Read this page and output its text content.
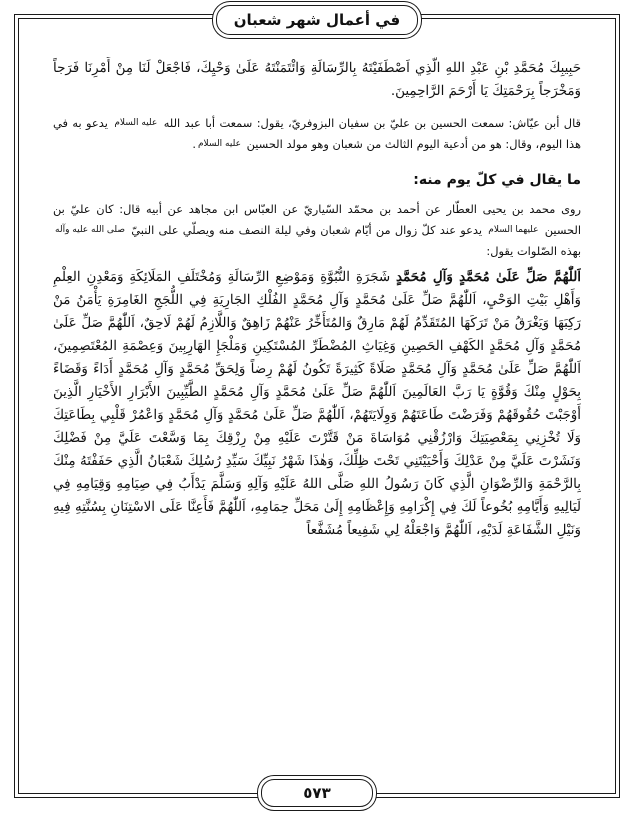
في أعمال شهر شعبان

حَبِيبِكَ مُحَمَّدِ بْنِ عَبْدِ اللهِ الَّذِي اَصْطَفَيْتَهُ بِالرِّسَالَةِ وَائْتَمَنْتَهُ عَلَىٰ وَحْيِكَ، فَاجْعَلْ لَنَا مِنْ أَمْرِنَا فَرَجاً وَمَخْرَجاً بِرَحْمَتِكَ يَا أَرْحَمَ الرَّاحِمِينَ.

قال أبن عيّاش: سمعت الحسين بن عليّ بن سفيان البزوفريّ، يقول: سمعت أبا عبد الله عليه السلام يدعو به في هذا اليوم، وقال: هو من أدعية اليوم الثالث من شعبان وهو مولد الحسين عليه السلام.

ما يقال في كلّ يوم منه:

روى محمد بن يحيى العطّار عن أحمد بن محمّد السّياريّ عن العبّاس ابن مجاهد عن أبيه قال: كان عليّ بن الحسين عليهما السلام يدعو عند كلّ زوال من أيّام شعبان وفي ليلة النصف منه ويصلّي على النبيّ صلى الله عليه وآله بهذه الصّلوات يقول:

اَللّٰهُمَّ صَلِّ عَلَىٰ مُحَمَّدٍ وَآلِ مُحَمَّدٍ شَجَرَةِ النُّبُوَّةِ وَمَوْضِعِ الرِّسَالَةِ وَمُخْتَلَفِ المَلَائِكَةِ وَمَعْدِنِ العِلْمِ وَأَهْلِ بَيْتِ الوَحْيِ، اَللّٰهُمَّ صَلِّ عَلَىٰ مُحَمَّدٍ وَآلِ مُحَمَّدٍ الفُلْكِ الجَارِيَةِ فِي اللُّجَجِ الغَامِرَةِ يَأْمَنُ مَنْ رَكِبَهَا وَيَغْرَقُ مَنْ تَرَكَهَا المُتَقَدِّمُ لَهُمْ مَارِقٌ وَالمُتَأَخِّرُ عَنْهُمْ زَاهِقٌ وَاللَّازِمُ لَهُمْ لَاحِقٌ، اَللّٰهُمَّ صَلِّ عَلَىٰ مُحَمَّدٍ وَآلِ مُحَمَّدٍ الكَهْفِ الحَصِينِ وَغِيَاثِ المُضْطَرِّ المُسْتَكِينِ وَمَلْجَإِ الهَارِبِينَ وَعِصْمَةِ المُعْتَصِمِينَ، اَللّٰهُمَّ صَلِّ عَلَىٰ مُحَمَّدٍ وَآلِ مُحَمَّدٍ صَلَاةً كَثِيرَةً تَكُونُ لَهُمْ رِضاً وَلِحَقِّ مُحَمَّدٍ وَآلِ مُحَمَّدٍ أَدَاءً وَقَضَاءً بِحَوْلٍ مِنْكَ وَقُوَّةٍ يَا رَبَّ العَالَمِينَ اَللّٰهُمَّ صَلِّ عَلَىٰ مُحَمَّدٍ وَآلِ مُحَمَّدٍ الطَّيِّبِينَ الأَبْرَارِ الأَخْيَارِ الَّذِينَ أَوْجَبْتَ حُقُوقَهُمْ وَفَرَضْتَ طَاعَتَهُمْ وَوِلَايَتَهُمْ، اَللّٰهُمَّ صَلِّ عَلَىٰ مُحَمَّدٍ وَآلِ مُحَمَّدٍ وَاعْمُرْ قَلْبِي بِطَاعَتِكَ وَلَا تُخْزِنِي بِمَعْصِيَتِكَ وَارْزُقْنِي مُوَاسَاةَ مَنْ قَتَّرْتَ عَلَيْهِ مِنْ رِزْقِكَ بِمَا وَسَّعْتَ عَلَيَّ مِنْ فَضْلِكَ وَنَشَرْتَ عَلَيَّ مِنْ عَدْلِكَ وَأَحْيَيْتَنِي تَحْتَ ظِلِّكَ، وَهٰذَا شَهْرُ نَبِيِّكَ سَيِّدِ رُسُلِكَ شَعْبَانُ الَّذِي حَفَفْتَهُ مِنْكَ بِالرَّحْمَةِ وَالرِّضْوَانِ الَّذِي كَانَ رَسُولُ اللهِ صَلَّى اللهُ عَلَيْهِ وَآلِهِ وَسَلَّمَ يَدْأَبُ فِي صِيَامِهِ وَقِيَامِهِ فِي لَيَالِيهِ وَأَيَّامِهِ بُخُوعاً لَكَ فِي إِكْرَامِهِ وَإِعْظَامِهِ إِلَىٰ مَحَلِّ حِمَامِهِ، اَللّٰهُمَّ فَأَعِنَّا عَلَى الاسْتِنَانِ بِسُنَّتِهِ فِيهِ وَنَيْلِ الشَّفَاعَةِ لَدَيْهِ، اَللّٰهُمَّ وَاجْعَلْهُ لِي شَفِيعاً مُشَفَّعاً

٥٧٣
